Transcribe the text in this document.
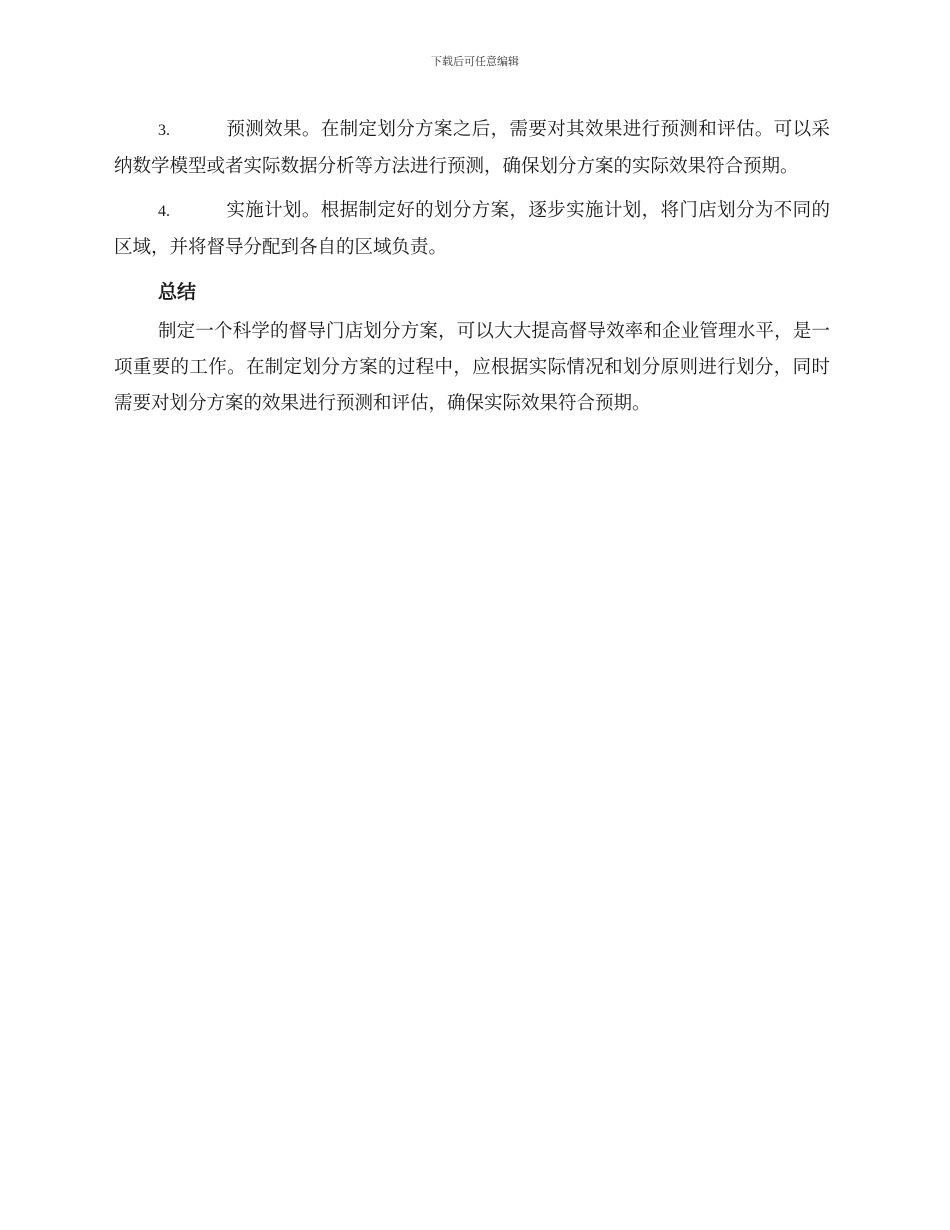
下载后可任意编辑

3.	预测效果。在制定划分方案之后，需要对其效果进行预测和评估。可以采纳数学模型或者实际数据分析等方法进行预测，确保划分方案的实际效果符合预期。

4.	实施计划。根据制定好的划分方案，逐步实施计划，将门店划分为不同的区域，并将督导分配到各自的区域负责。

总结

制定一个科学的督导门店划分方案，可以大大提高督导效率和企业管理水平，是一项重要的工作。在制定划分方案的过程中，应根据实际情况和划分原则进行划分，同时需要对划分方案的效果进行预测和评估，确保实际效果符合预期。
